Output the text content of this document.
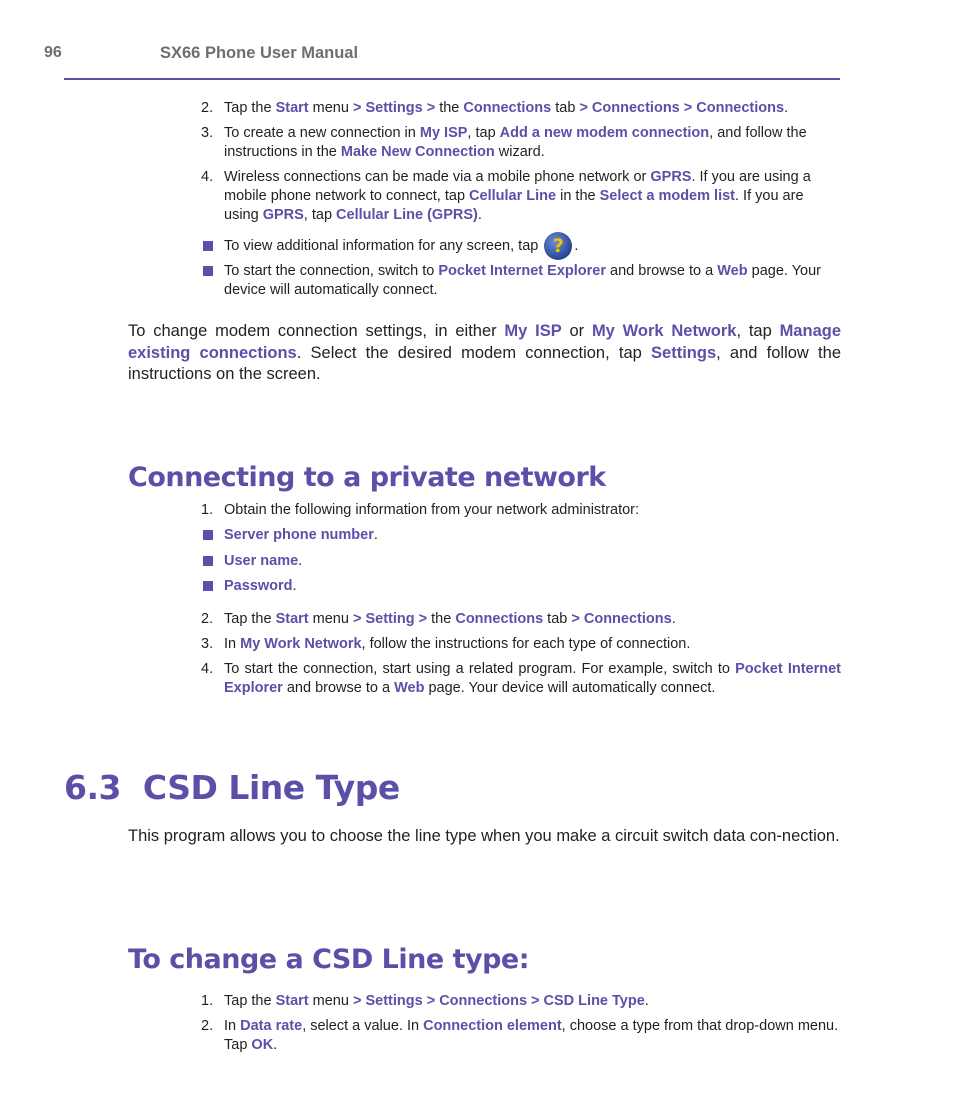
96	SX66 Phone User Manual
2. Tap the Start menu > Settings > the Connections tab > Connections > Connections.
3. To create a new connection in My ISP, tap Add a new modem connection, and follow the instructions in the Make New Connection wizard.
4. Wireless connections can be made via a mobile phone network or GPRS. If you are using a mobile phone network to connect, tap Cellular Line in the Select a modem list. If you are using GPRS, tap Cellular Line (GPRS).
To view additional information for any screen, tap ? .
To start the connection, switch to Pocket Internet Explorer and browse to a Web page. Your device will automatically connect.
To change modem connection settings, in either My ISP or My Work Network, tap Manage existing connections. Select the desired modem connection, tap Settings, and follow the instructions on the screen.
Connecting to a private network
1. Obtain the following information from your network administrator:
Server phone number.
User name.
Password.
2. Tap the Start menu > Setting > the Connections tab > Connections.
3. In My Work Network, follow the instructions for each type of connection.
4. To start the connection, start using a related program. For example, switch to Pocket Internet Explorer and browse to a Web page. Your device will automatically connect.
6.3  CSD Line Type
This program allows you to choose the line type when you make a circuit switch data con-nection.
To change a CSD Line type:
1. Tap the Start menu > Settings > Connections > CSD Line Type.
2. In Data rate, select a value. In Connection element, choose a type from that drop-down menu. Tap OK.
